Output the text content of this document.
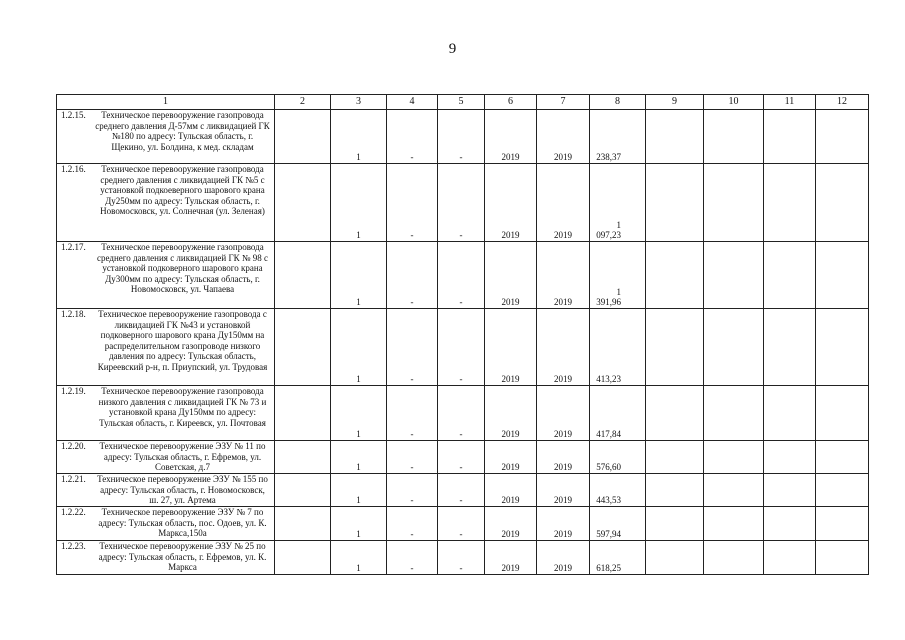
9
1	2	3	4	5	6	7	8	9	10	11	12

1.2.15. Техническое перевооружение газопровода среднего давления Д-57мм с ликвидацией ГК №180 по адресу: Тульская область, г. Щекино, ул. Болдина, к мед. складам		1	-	-	2019	2019	238,37				

1.2.16. Техническое перевооружение газопровода среднего давления с ликвидацией ГК №5 с установкой подкоеверного шарового крана Ду250мм по адресу: Тульская область, г. Новомосковск, ул. Солнечная (ул. Зеленая)		1	-	-	2019	2019	1 097,23				

1.2.17. Техническое перевооружение газопровода среднего давления с ликвидацией ГК № 98 с установкой подковерного шарового крана Ду300мм по адресу: Тульская область, г. Новомосковск, ул. Чапаева		1	-	-	2019	2019	1 391,96				

1.2.18. Техническое перевооружение газопровода с ликвидацией ГК №43 и установкой подковерного шарового крана Ду150мм на распределительном газопроводе низкого давления по адресу: Тульская область, Киреевский р-н, п. Приупский, ул. Трудовая		1	-	-	2019	2019	413,23				

1.2.19. Техническое перевооружение газопровода низкого давления с ликвидацией ГК № 73 и установкой крана Ду150мм по адресу: Тульская область, г. Киреевск, ул. Почтовая		1	-	-	2019	2019	417,84				

1.2.20. Техническое перевооружение ЭЗУ № 11 по адресу: Тульская область, г. Ефремов, ул. Советская, д.7		1	-	-	2019	2019	576,60				

1.2.21. Техническое перевооружение ЭЗУ № 155 по адресу: Тульская область, г. Новомосковск, ш. 27, ул. Артема		1	-	-	2019	2019	443,53				

1.2.22. Техническое перевооружение ЭЗУ № 7 по адресу: Тульская область, пос. Одоев, ул. К. Маркса,150а		1	-	-	2019	2019	597,94				

1.2.23. Техническое перевооружение ЭЗУ № 25 по адресу: Тульская область, г. Ефремов, ул. К. Маркса		1	-	-	2019	2019	618,25				
